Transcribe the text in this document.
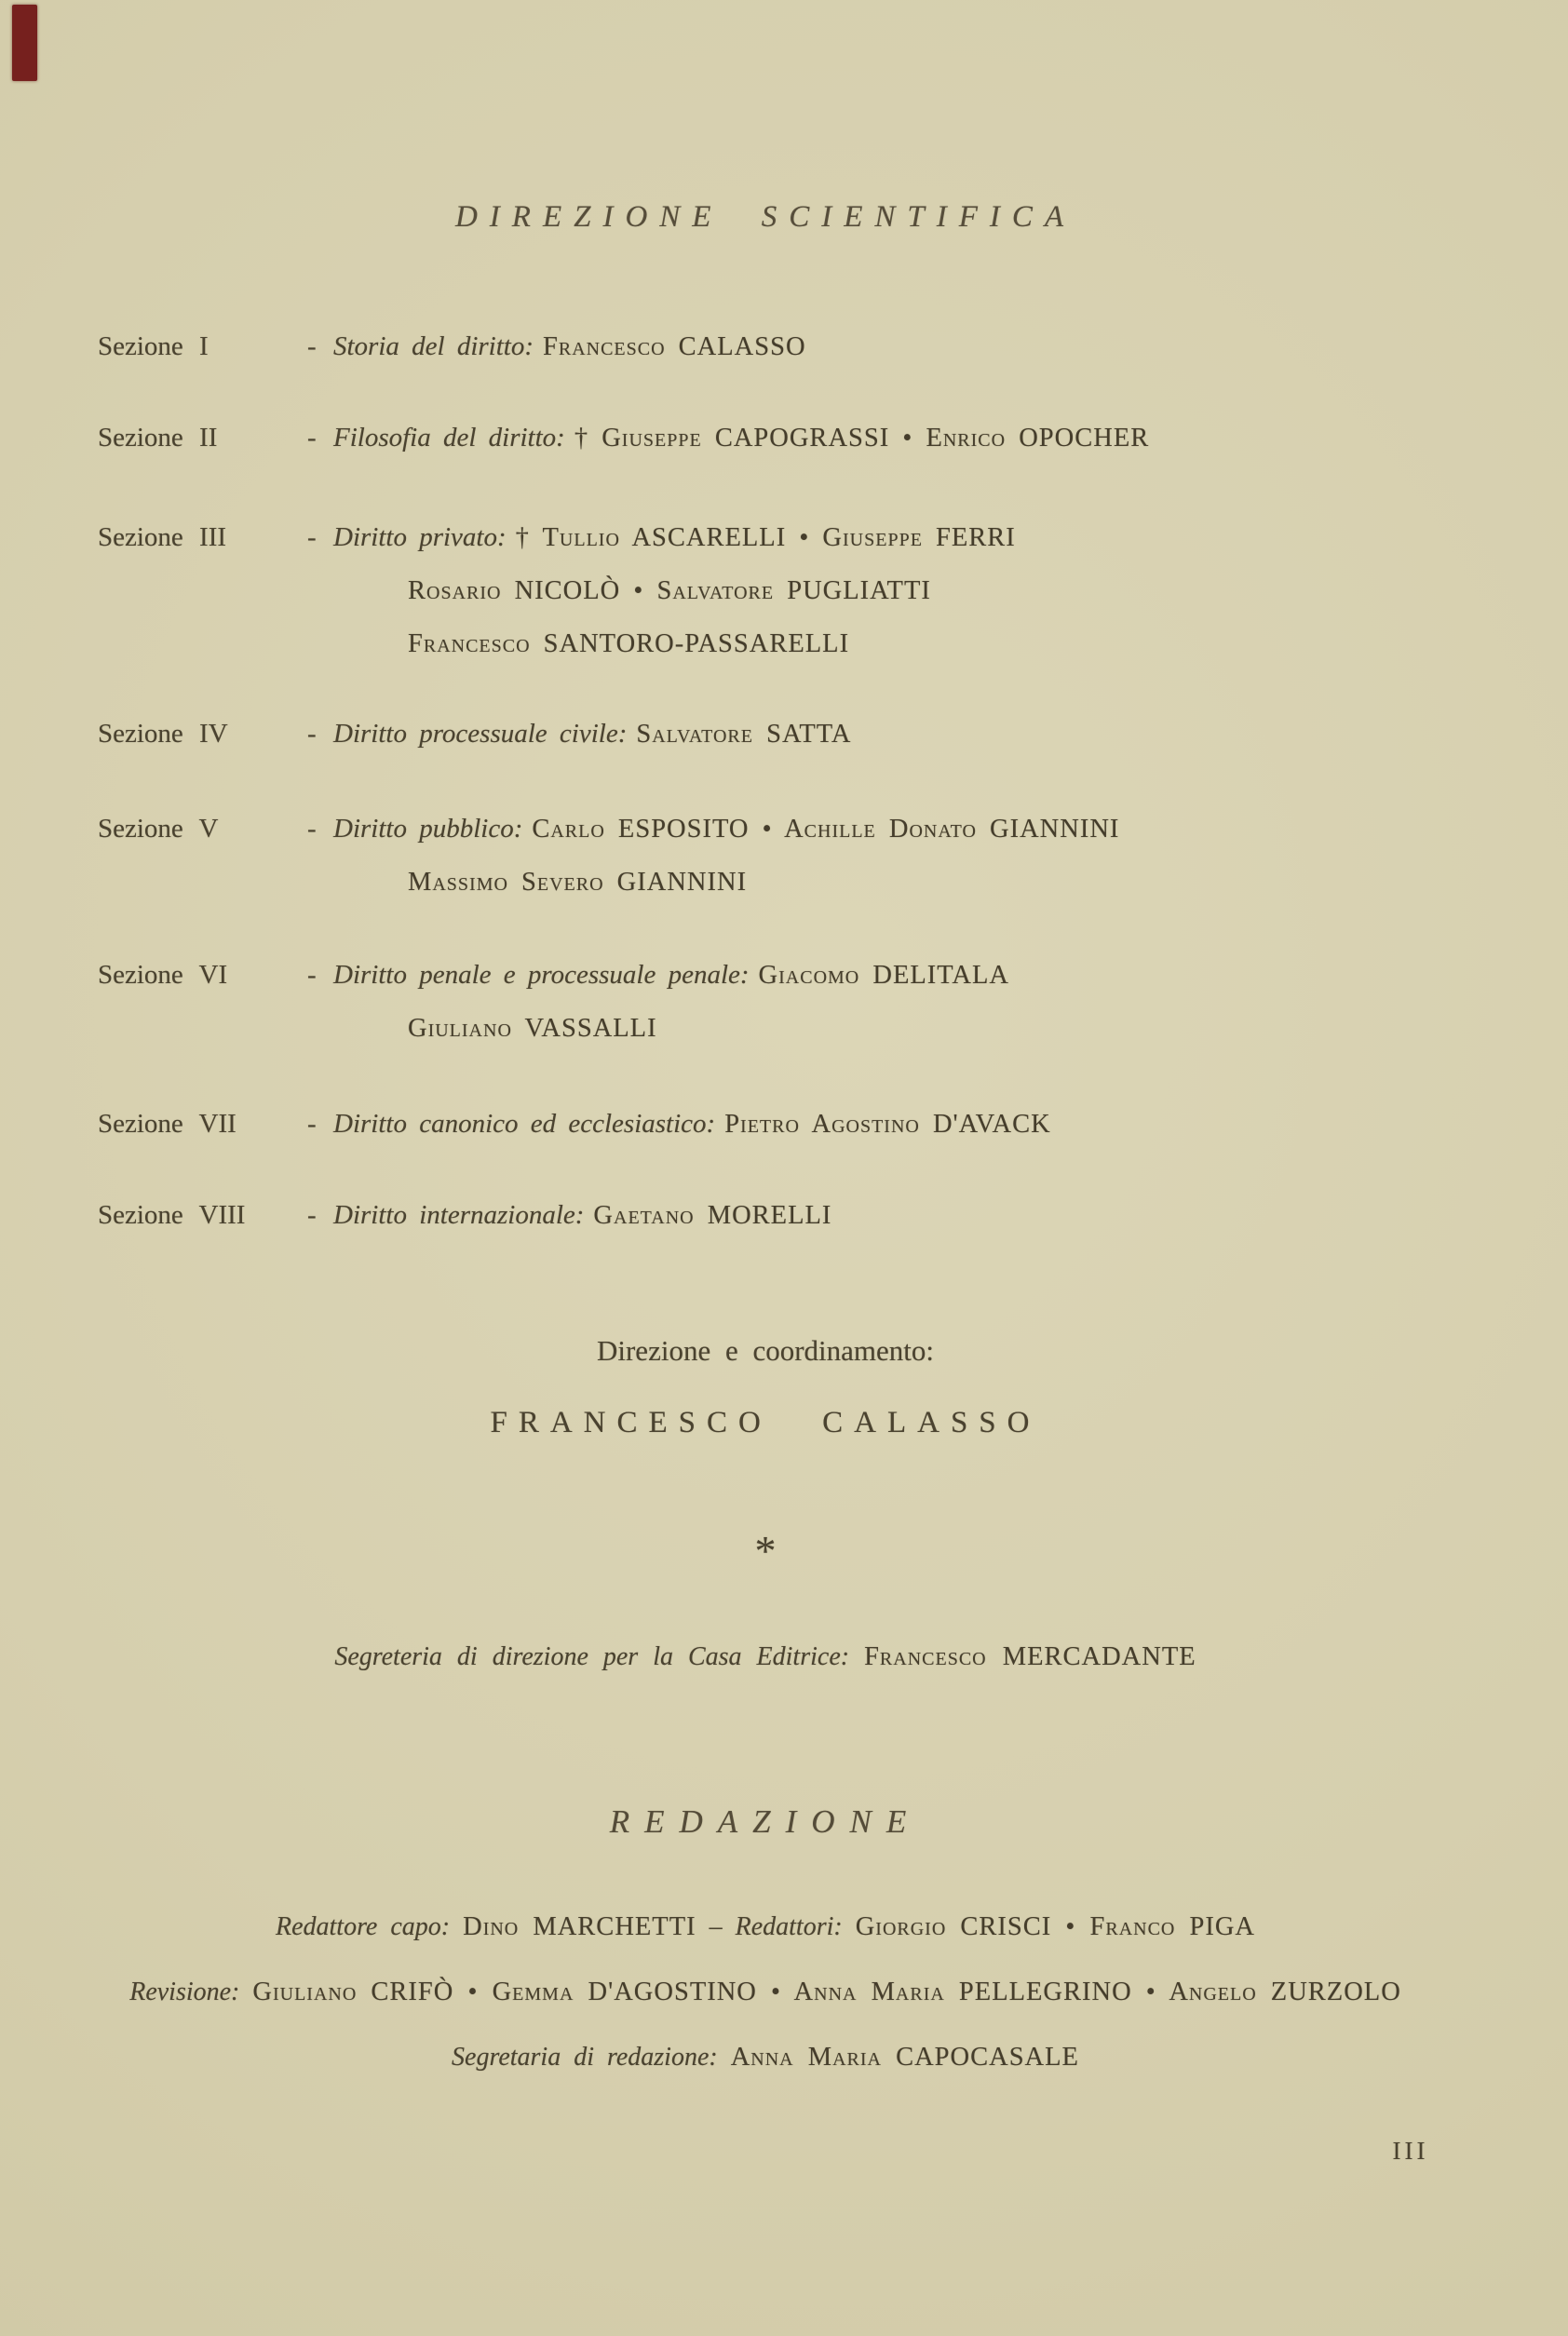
DIREZIONE SCIENTIFICA
Sezione I	- Storia del diritto: Francesco CALASSO
Sezione II	- Filosofia del diritto: † Giuseppe CAPOGRASSI • Enrico OPOCHER
Sezione III	- Diritto privato: † Tullio ASCARELLI • Giuseppe FERRI
Rosario NICOLÒ • Salvatore PUGLIATTI
Francesco SANTORO-PASSARELLI
Sezione IV	- Diritto processuale civile: Salvatore SATTA
Sezione V	- Diritto pubblico: Carlo ESPOSITO • Achille Donato GIANNINI
Massimo Severo GIANNINI
Sezione VI	- Diritto penale e processuale penale: Giacomo DELITALA
Giuliano VASSALLI
Sezione VII	- Diritto canonico ed ecclesiastico: Pietro Agostino D'AVACK
Sezione VIII	- Diritto internazionale: Gaetano MORELLI
Direzione e coordinamento:
FRANCESCO CALASSO
*
Segreteria di direzione per la Casa Editrice: Francesco MERCADANTE
REDAZIONE
Redattore capo: Dino MARCHETTI – Redattori: Giorgio CRISCI • Franco PIGA
Revisione: Giuliano CRIFÒ • Gemma D'AGOSTINO • Anna Maria PELLEGRINO • Angelo ZURZOLO
Segretaria di redazione: Anna Maria CAPOCASALE
III
